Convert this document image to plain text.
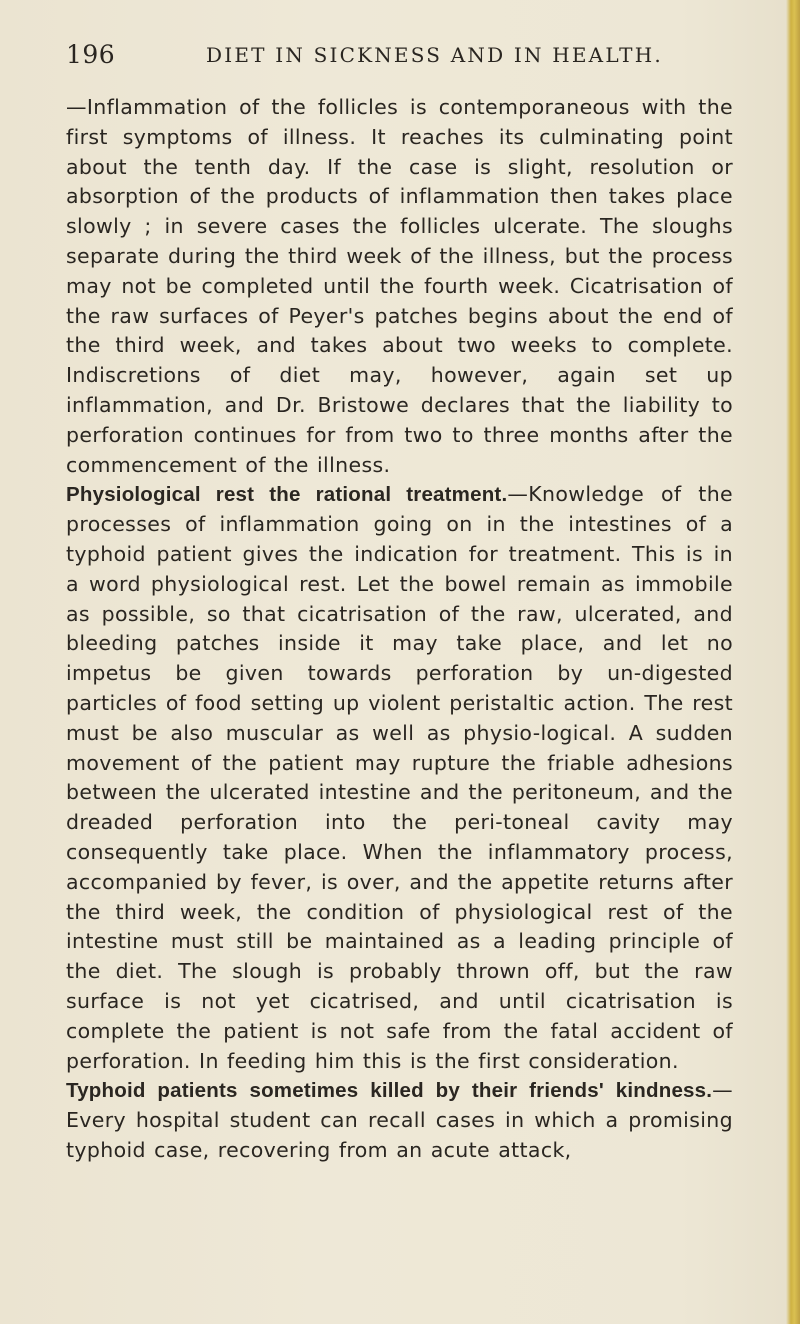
196	DIET IN SICKNESS AND IN HEALTH.

—Inflammation of the follicles is contemporaneous with the first symptoms of illness. It reaches its culminating point about the tenth day. If the case is slight, resolution or absorption of the products of inflammation then takes place slowly ; in severe cases the follicles ulcerate. The sloughs separate during the third week of the illness, but the process may not be completed until the fourth week. Cicatrisation of the raw surfaces of Peyer's patches begins about the end of the third week, and takes about two weeks to complete. Indiscretions of diet may, however, again set up inflammation, and Dr. Bristowe declares that the liability to perforation continues for from two to three months after the commencement of the illness.

Physiological rest the rational treatment.—Knowledge of the processes of inflammation going on in the intestines of a typhoid patient gives the indication for treatment. This is in a word physiological rest. Let the bowel remain as immobile as possible, so that cicatrisation of the raw, ulcerated, and bleeding patches inside it may take place, and let no impetus be given towards perforation by un-digested particles of food setting up violent peristaltic action. The rest must be also muscular as well as physio-logical. A sudden movement of the patient may rupture the friable adhesions between the ulcerated intestine and the peritoneum, and the dreaded perforation into the peri-toneal cavity may consequently take place. When the inflammatory process, accompanied by fever, is over, and the appetite returns after the third week, the condition of physiological rest of the intestine must still be maintained as a leading principle of the diet. The slough is probably thrown off, but the raw surface is not yet cicatrised, and until cicatrisation is complete the patient is not safe from the fatal accident of perforation. In feeding him this is the first consideration.

Typhoid patients sometimes killed by their friends' kindness.—Every hospital student can recall cases in which a promising typhoid case, recovering from an acute attack,
